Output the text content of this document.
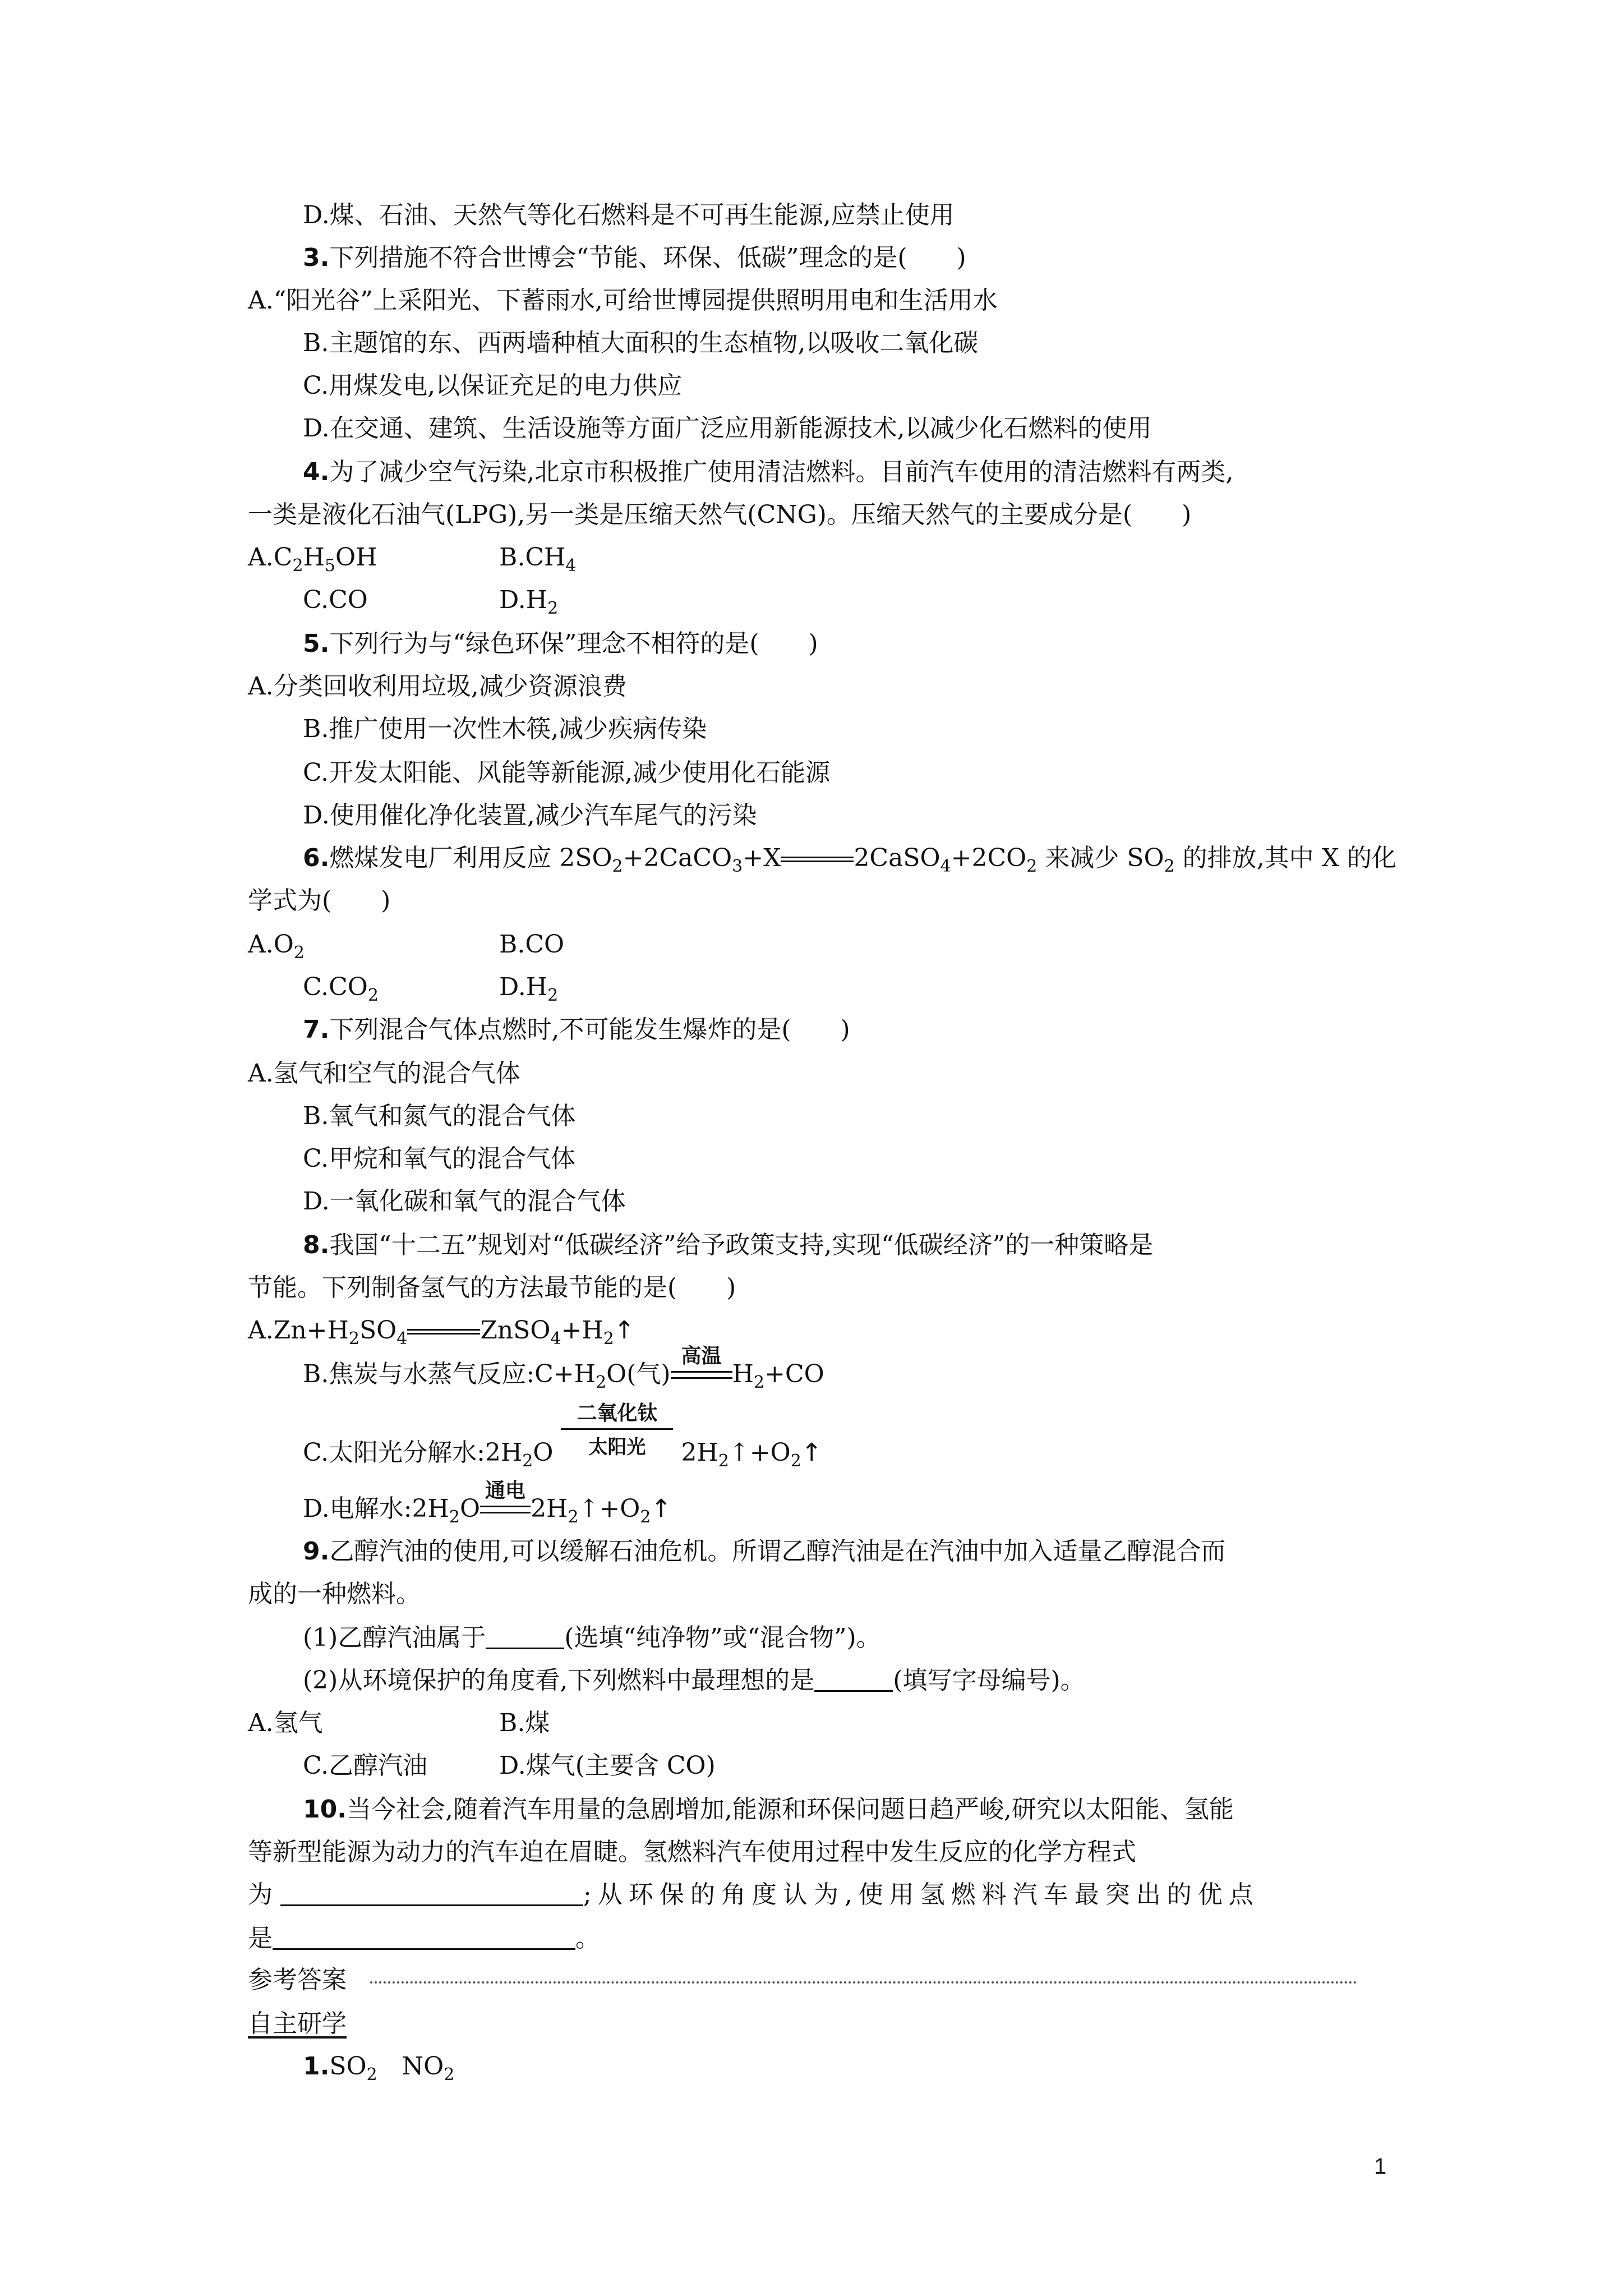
D.煤、石油、天然气等化石燃料是不可再生能源,应禁止使用
3.下列措施不符合世博会“节能、环保、低碳”理念的是(　　)
A.“阳光谷”上采阳光、下蓄雨水,可给世博园提供照明用电和生活用水
B.主题馆的东、西两墙种植大面积的生态植物,以吸收二氧化碳
C.用煤发电,以保证充足的电力供应
D.在交通、建筑、生活设施等方面广泛应用新能源技术,以减少化石燃料的使用
4.为了减少空气污染,北京市积极推广使用清洁燃料。目前汽车使用的清洁燃料有两类,
一类是液化石油气(LPG),另一类是压缩天然气(CNG)。压缩天然气的主要成分是(　　)
$A.C_2H_5OH$	$B.CH_4$
C.CO	$D.H_2$
5.下列行为与“绿色环保”理念不相符的是(　　)
A.分类回收利用垃圾,减少资源浪费
B.推广使用一次性木筷,减少疾病传染
C.开发太阳能、风能等新能源,减少使用化石能源
D.使用催化净化装置,减少汽车尾气的污染
6.燃煤发电厂利用反应 $2SO_2+2CaCO_3+X$	$2CaSO_4+2CO_2$ 来减少 $SO_2$ 的排放,其中 X 的化
学式为(　　)
$A.O_2$	B.CO
$C.CO_2$	$D.H_2$
7.下列混合气体点燃时,不可能发生爆炸的是(　　)
A.氢气和空气的混合气体
B.氧气和氮气的混合气体
C.甲烷和氧气的混合气体
D.一氧化碳和氧气的混合气体
8.我国“十二五”规划对“低碳经济”给予政策支持,实现“低碳经济”的一种策略是
节能。下列制备氢气的方法最节能的是(　　)
$A.Zn+H_2SO_4$	$ZnSO_4+H_2↑$
B.焦炭与水蒸气反应$:C+H_2O$(气)
高温
$H_2+CO$
C.太阳光分解水$:2H_2O$
二氧化钛
太阳光	$2H_2↑+O_2↑$
D.电解水$:2H_2O$
通电
$2H_2↑+O_2↑$
9.乙醇汽油的使用,可以缓解石油危机。所谓乙醇汽油是在汽油中加入适量乙醇混合而
成的一种燃料。
(1)乙醇汽油属于	(选填“纯净物”或“混合物”)。
(2)从环境保护的角度看,下列燃料中最理想的是	(填写字母编号)。
A.氢气	B.煤
C.乙醇汽油	D.煤气(主要含 CO)
10.当今社会,随着汽车用量的急剧增加,能源和环保问题日趋严峻,研究以太阳能、氢能
等新型能源为动力的汽车迫在眉睫。氢燃料汽车使用过程中发生反应的化学方程式
为	;从环保的角度认为,使用氢燃料汽车最突出的优点
是	。
参考答案
自主研学
$1.SO_2$　 $NO_2$
1
